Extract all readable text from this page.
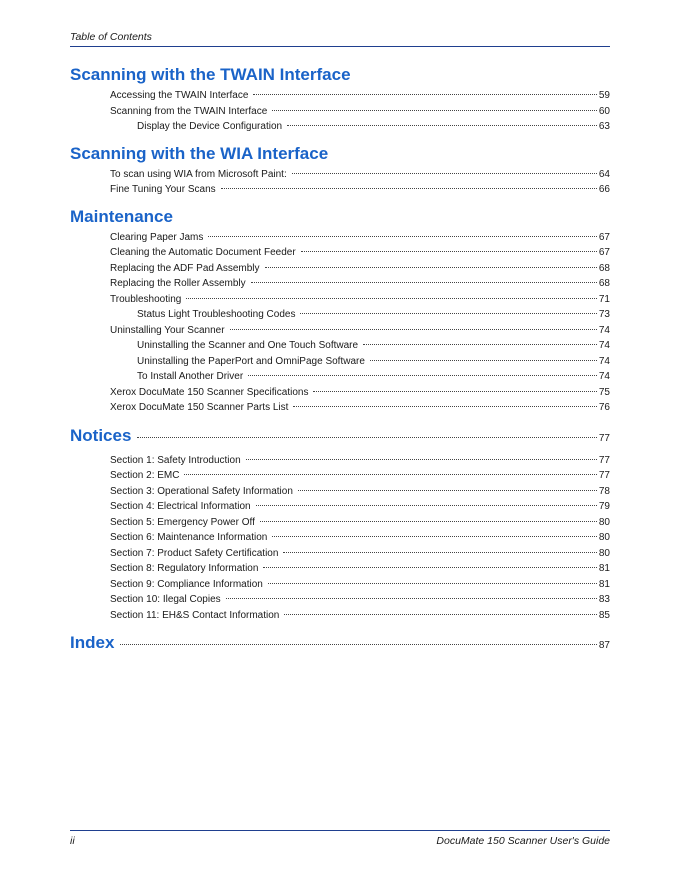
Table of Contents
Scanning with the TWAIN Interface
Accessing the TWAIN Interface	59
Scanning from the TWAIN Interface	60
Display the Device Configuration	63
Scanning with the WIA Interface
To scan using WIA from Microsoft Paint:	64
Fine Tuning Your Scans	66
Maintenance
Clearing Paper Jams	67
Cleaning the Automatic Document Feeder	67
Replacing the ADF Pad Assembly	68
Replacing the Roller Assembly	68
Troubleshooting	71
Status Light Troubleshooting Codes	73
Uninstalling Your Scanner	74
Uninstalling the Scanner and One Touch Software	74
Uninstalling the PaperPort and OmniPage Software	74
To Install Another Driver	74
Xerox DocuMate 150 Scanner Specifications	75
Xerox DocuMate 150 Scanner Parts List	76
Notices	77
Section 1: Safety Introduction	77
Section 2: EMC	77
Section 3: Operational Safety Information	78
Section 4: Electrical Information	79
Section 5: Emergency Power Off	80
Section 6: Maintenance Information	80
Section 7: Product Safety Certification	80
Section 8: Regulatory Information	81
Section 9: Compliance Information	81
Section 10: Ilegal Copies	83
Section 11: EH&S Contact Information	85
Index	87
ii	DocuMate 150 Scanner User's Guide
